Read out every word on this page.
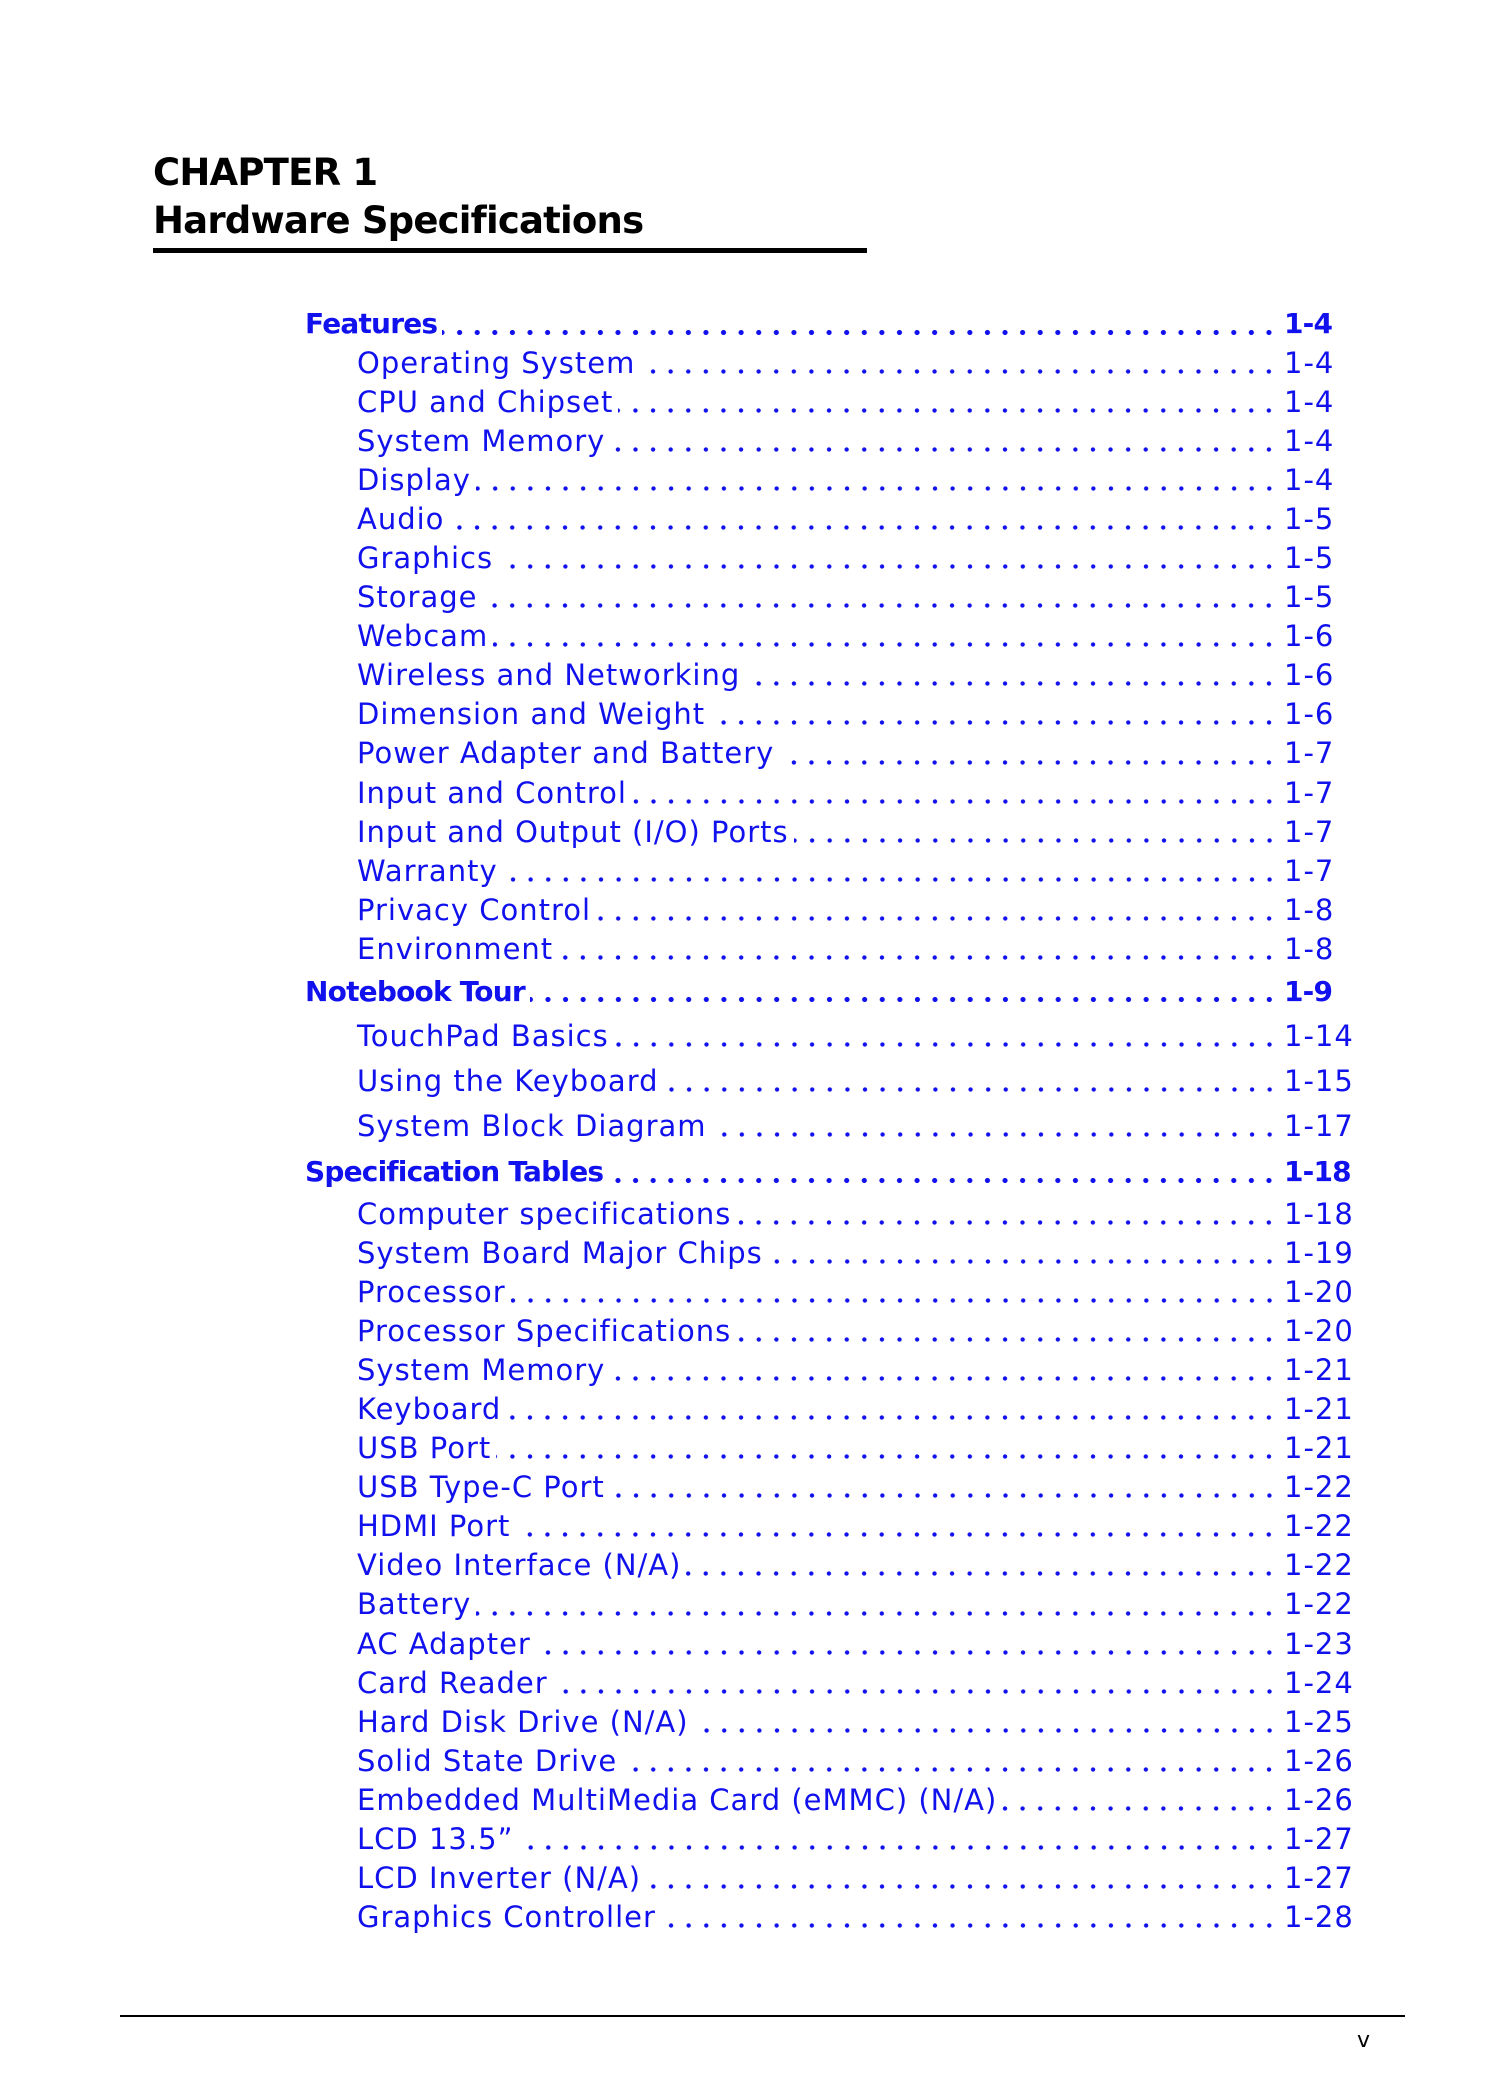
CHAPTER 1
Hardware Specifications
Features	1-4
Operating System	1-4
CPU and Chipset	1-4
System Memory	1-4
Display	1-4
Audio	1-5
Graphics	1-5
Storage	1-5
Webcam	1-6
Wireless and Networking	1-6
Dimension and Weight	1-6
Power Adapter and Battery	1-7
Input and Control	1-7
Input and Output (I/O) Ports	1-7
Warranty	1-7
Privacy Control	1-8
Environment	1-8
Notebook Tour	1-9
TouchPad Basics	1-14
Using the Keyboard	1-15
System Block Diagram	1-17
Specification Tables	1-18
Computer specifications	1-18
System Board Major Chips	1-19
Processor	1-20
Processor Specifications	1-20
System Memory	1-21
Keyboard	1-21
USB Port	1-21
USB Type-C Port	1-22
HDMI Port	1-22
Video Interface (N/A)	1-22
Battery	1-22
AC Adapter	1-23
Card Reader	1-24
Hard Disk Drive (N/A)	1-25
Solid State Drive	1-26
Embedded MultiMedia Card (eMMC) (N/A)	1-26
LCD 13.5”	1-27
LCD Inverter (N/A)	1-27
Graphics Controller	1-28
v
